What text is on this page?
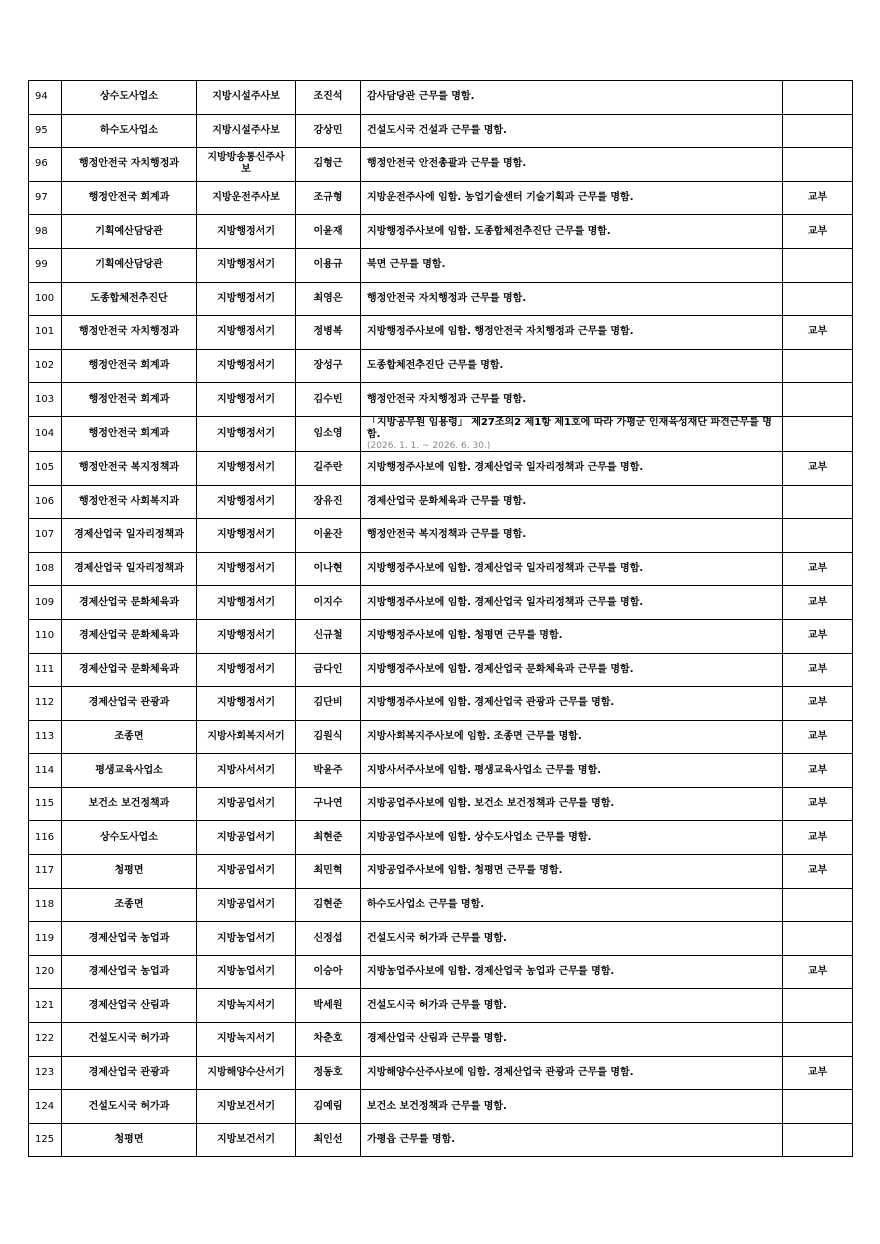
94	상수도사업소	지방시설주사보	조진석	감사담당관 근무를 명함.	
95	하수도사업소	지방시설주사보	강상민	건설도시국 건설과 근무를 명함.	
96	행정안전국 자치행정과	지방방송통신주사보	김형근	행정안전국 안전총괄과 근무를 명함.	
97	행정안전국 회계과	지방운전주사보	조규형	지방운전주사에 임함. 농업기술센터 기술기획과 근무를 명함.	교부
98	기획예산담당관	지방행정서기	이윤재	지방행정주사보에 임함. 도종합체전추진단 근무를 명함.	교부
99	기획예산담당관	지방행정서기	이용규	북면 근무를 명함.	
100	도종합체전추진단	지방행정서기	최영은	행정안전국 자치행정과 근무를 명함.	
101	행정안전국 자치행정과	지방행정서기	정병복	지방행정주사보에 임함. 행정안전국 자치행정과 근무를 명함.	교부
102	행정안전국 회계과	지방행정서기	장성구	도종합체전추진단 근무를 명함.	
103	행정안전국 회계과	지방행정서기	김수빈	행정안전국 자치행정과 근무를 명함.	
104	행정안전국 회계과	지방행정서기	임소영	「지방공무원 임용령」 제27조의2 제1항 제1호에 따라 가평군 인재육성재단 파견근무를 명함.
(2026. 1. 1. ~ 2026. 6. 30.)	

105	행정안전국 복지정책과	지방행정서기	길주란	지방행정주사보에 임함. 경제산업국 일자리정책과 근무를 명함.	교부
106	행정안전국 사회복지과	지방행정서기	장유진	경제산업국 문화체육과 근무를 명함.	
107	경제산업국 일자리정책과	지방행정서기	이윤잔	행정안전국 복지정책과 근무를 명함.	
108	경제산업국 일자리정책과	지방행정서기	이나현	지방행정주사보에 임함. 경제산업국 일자리정책과 근무를 명함.	교부
109	경제산업국 문화체육과	지방행정서기	이지수	지방행정주사보에 임함. 경제산업국 일자리정책과 근무를 명함.	교부
110	경제산업국 문화체육과	지방행정서기	신규철	지방행정주사보에 임함. 청평면 근무를 명함.	교부
111	경제산업국 문화체육과	지방행정서기	금다인	지방행정주사보에 임함. 경제산업국 문화체육과 근무를 명함.	교부
112	경제산업국 관광과	지방행정서기	김단비	지방행정주사보에 임함. 경제산업국 관광과 근무를 명함.	교부
113	조종면	지방사회복지서기	김원식	지방사회복지주사보에 임함. 조종면 근무를 명함.	교부
114	평생교육사업소	지방사서서기	박윤주	지방사서주사보에 임함. 평생교육사업소 근무를 명함.	교부
115	보건소 보건정책과	지방공업서기	구나연	지방공업주사보에 임함. 보건소 보건정책과 근무를 명함.	교부
116	상수도사업소	지방공업서기	최현준	지방공업주사보에 임함. 상수도사업소 근무를 명함.	교부
117	청평면	지방공업서기	최민혁	지방공업주사보에 임함. 청평면 근무를 명함.	교부
118	조종면	지방공업서기	김현준	하수도사업소 근무를 명함.	
119	경제산업국 농업과	지방농업서기	신정섭	건설도시국 허가과 근무를 명함.	
120	경제산업국 농업과	지방농업서기	이승아	지방농업주사보에 임함. 경제산업국 농업과 근무를 명함.	교부
121	경제산업국 산림과	지방녹지서기	박세원	건설도시국 허가과 근무를 명함.	
122	건설도시국 허가과	지방녹지서기	차춘호	경제산업국 산림과 근무를 명함.	
123	경제산업국 관광과	지방해양수산서기	정동호	지방해양수산주사보에 임함. 경제산업국 관광과 근무를 명함.	교부
124	건설도시국 허가과	지방보건서기	김예림	보건소 보건정책과 근무를 명함.	
125	청평면	지방보건서기	최인선	가평읍 근무를 명함.	
